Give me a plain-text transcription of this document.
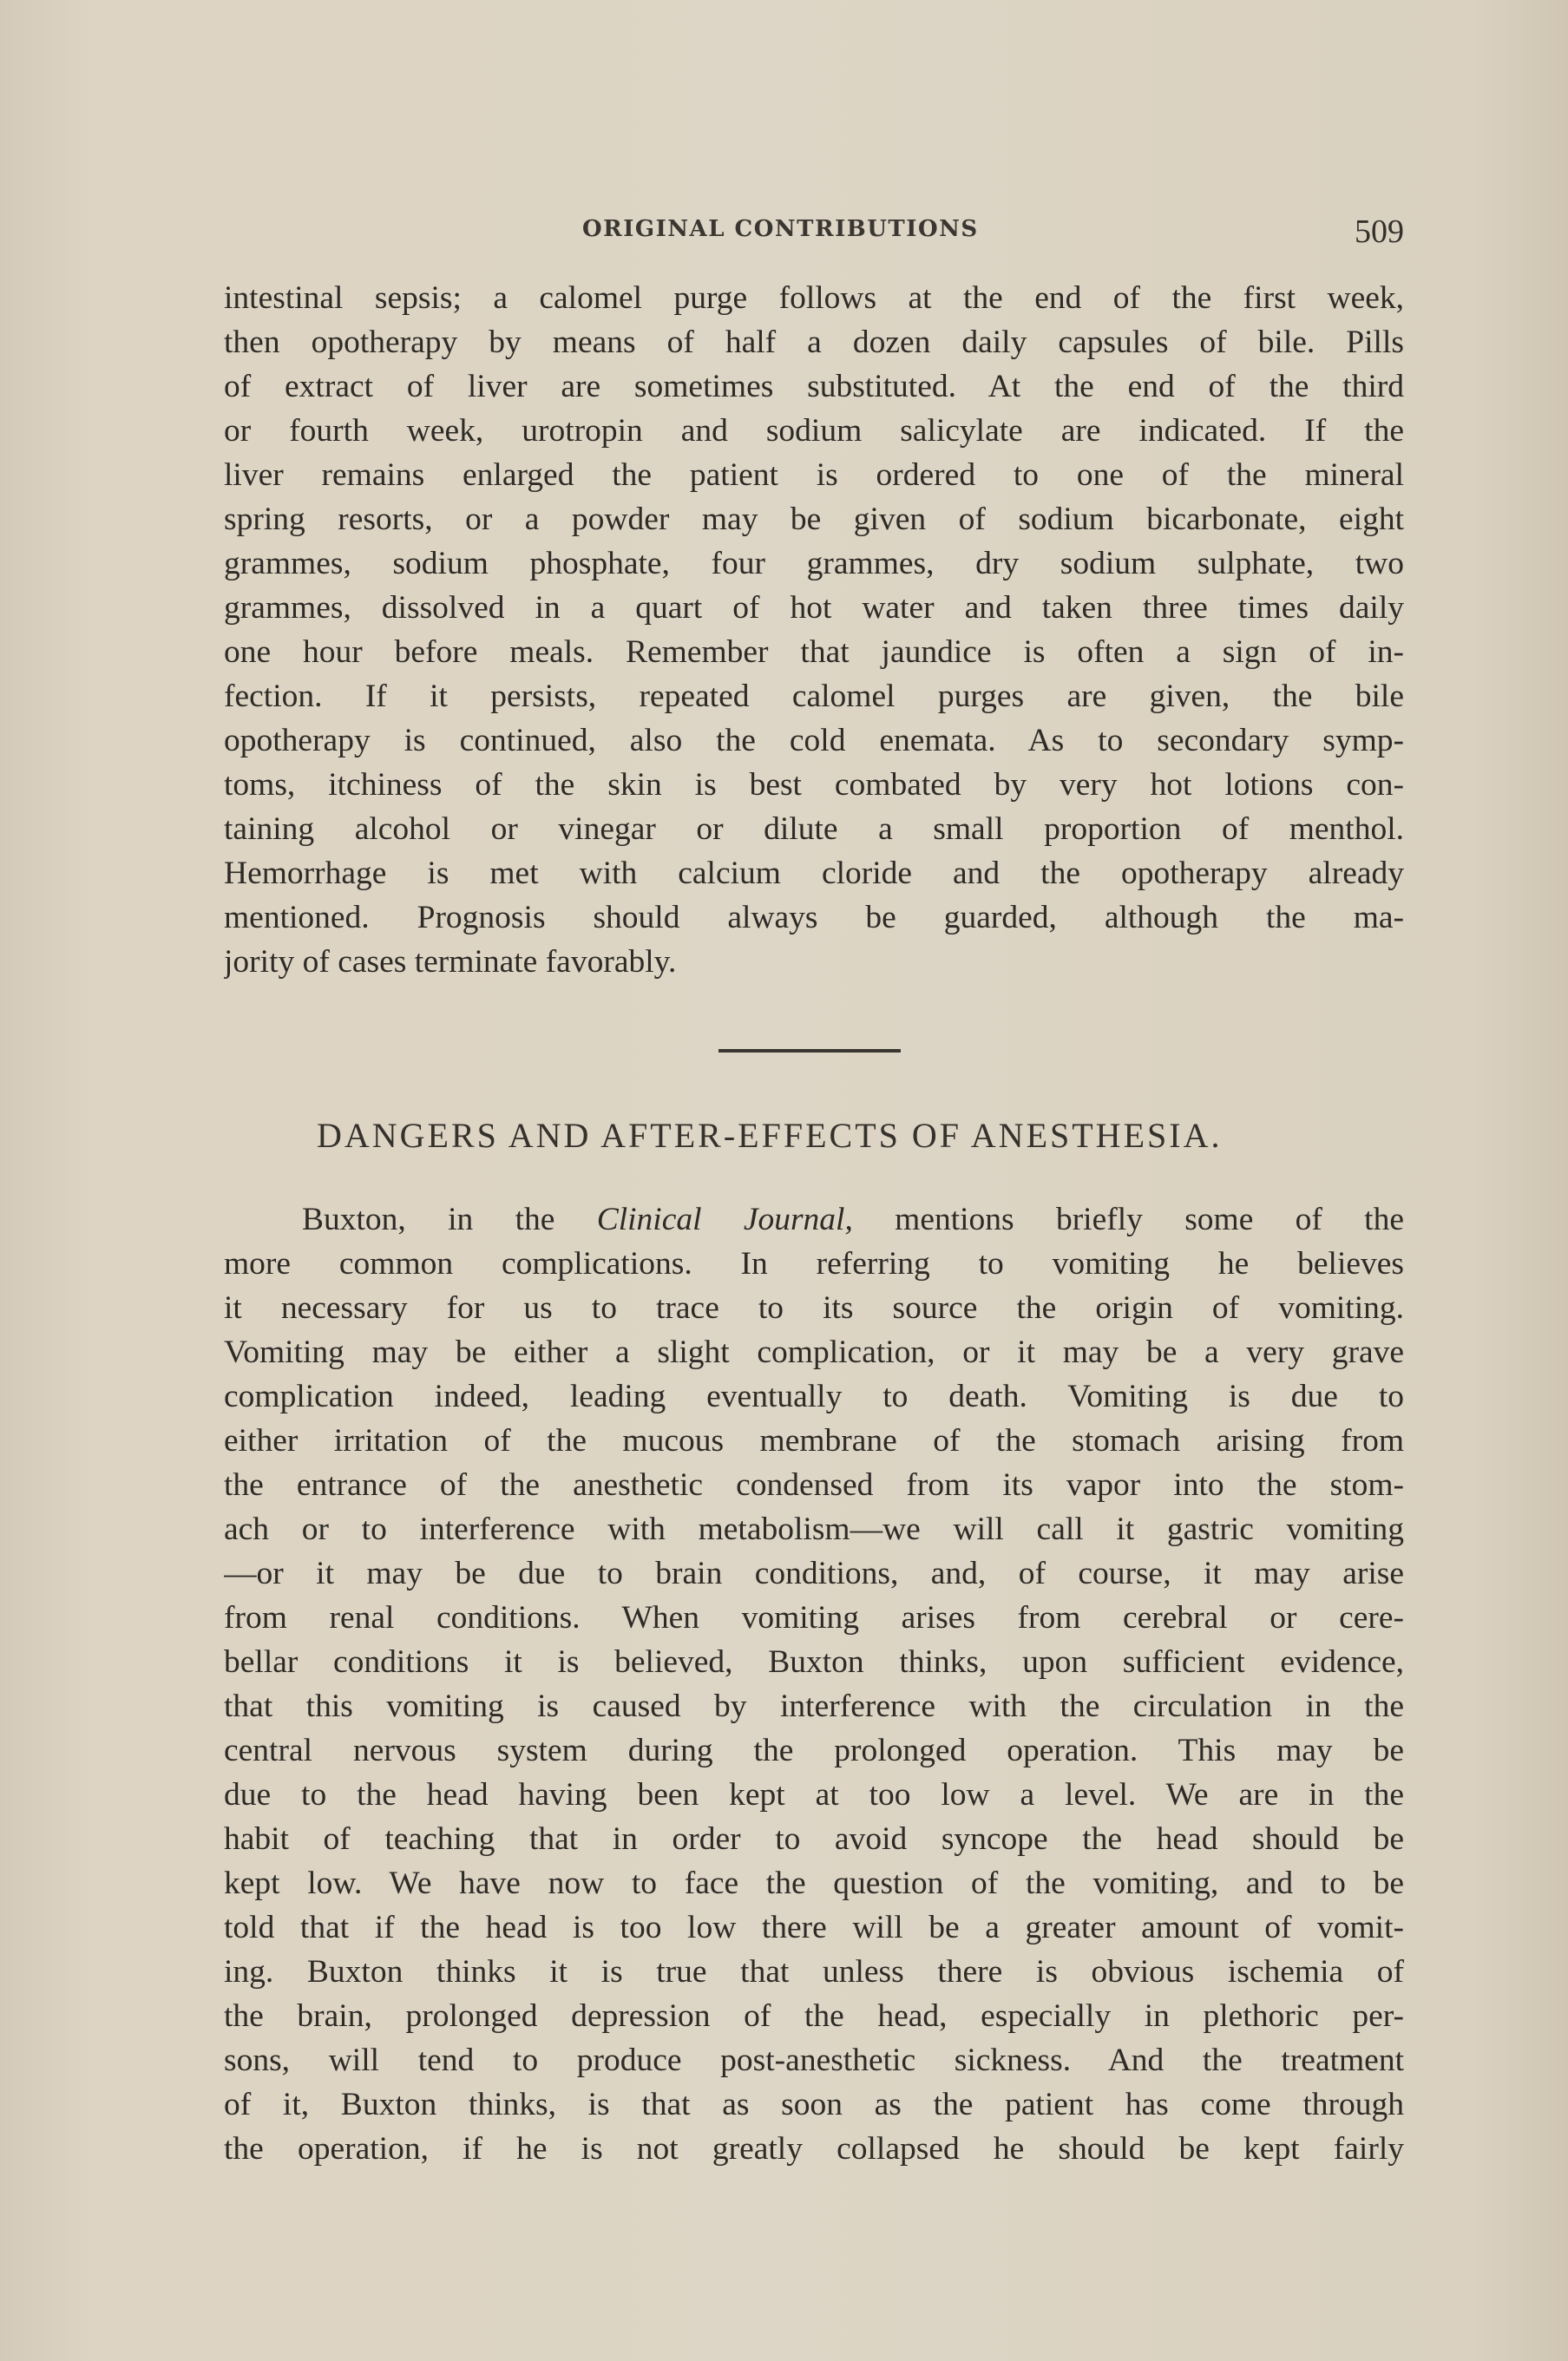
ORIGINAL CONTRIBUTIONS	509
intestinal sepsis; a calomel purge follows at the end of the first week,
then opotherapy by means of half a dozen daily capsules of bile. Pills
of extract of liver are sometimes substituted. At the end of the third
or fourth week, urotropin and sodium salicylate are indicated. If the
liver remains enlarged the patient is ordered to one of the mineral
spring resorts, or a powder may be given of sodium bicarbonate, eight
grammes, sodium phosphate, four grammes, dry sodium sulphate, two
grammes, dissolved in a quart of hot water and taken three times daily
one hour before meals. Remember that jaundice is often a sign of in-
fection. If it persists, repeated calomel purges are given, the bile
opotherapy is continued, also the cold enemata. As to secondary symp-
toms, itchiness of the skin is best combated by very hot lotions con-
taining alcohol or vinegar or dilute a small proportion of menthol.
Hemorrhage is met with calcium cloride and the opotherapy already
mentioned. Prognosis should always be guarded, although the ma-
jority of cases terminate favorably.
DANGERS AND AFTER-EFFECTS OF ANESTHESIA.
Buxton, in the Clinical Journal, mentions briefly some of the
more common complications. In referring to vomiting he believes
it necessary for us to trace to its source the origin of vomiting.
Vomiting may be either a slight complication, or it may be a very grave
complication indeed, leading eventually to death. Vomiting is due to
either irritation of the mucous membrane of the stomach arising from
the entrance of the anesthetic condensed from its vapor into the stom-
ach or to interference with metabolism—we will call it gastric vomiting
—or it may be due to brain conditions, and, of course, it may arise
from renal conditions. When vomiting arises from cerebral or cere-
bellar conditions it is believed, Buxton thinks, upon sufficient evidence,
that this vomiting is caused by interference with the circulation in the
central nervous system during the prolonged operation. This may be
due to the head having been kept at too low a level. We are in the
habit of teaching that in order to avoid syncope the head should be
kept low. We have now to face the question of the vomiting, and to be
told that if the head is too low there will be a greater amount of vomit-
ing. Buxton thinks it is true that unless there is obvious ischemia of
the brain, prolonged depression of the head, especially in plethoric per-
sons, will tend to produce post-anesthetic sickness. And the treatment
of it, Buxton thinks, is that as soon as the patient has come through
the operation, if he is not greatly collapsed he should be kept fairly
